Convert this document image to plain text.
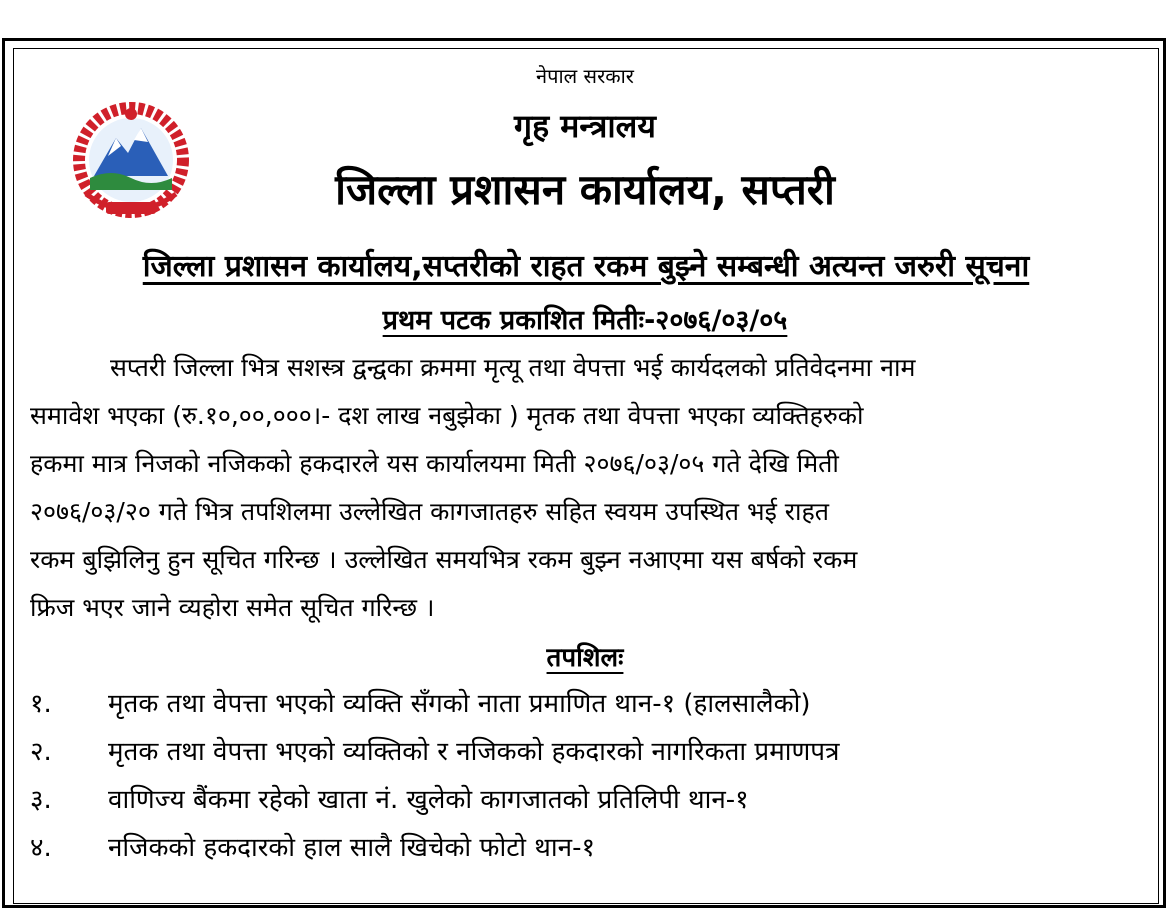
नेपाल सरकार
गृह मन्त्रालय
जिल्ला प्रशासन कार्यालय, सप्तरी
जिल्ला प्रशासन कार्यालय,सप्तरीको राहत रकम बुझ्ने सम्बन्धी अत्यन्त जरुरी सूचना
प्रथम पटक प्रकाशित मितीः-२०७६/०३/०५
सप्तरी जिल्ला भित्र सशस्त्र द्वन्द्वका क्रममा मृत्यू तथा वेपत्ता भई कार्यदलको प्रतिवेदनमा नाम
समावेश भएका (रु.१०,००,०००।- दश लाख नबुझेका ) मृतक तथा वेपत्ता भएका व्यक्तिहरुको
हकमा मात्र निजको नजिकको हकदारले यस कार्यालयमा मिती २०७६/०३/०५ गते देखि मिती
२०७६/०३/२० गते भित्र तपशिलमा उल्लेखित कागजातहरु सहित स्वयम उपस्थित भई राहत
रकम बुझिलिनु हुन सूचित गरिन्छ । उल्लेखित समयभित्र रकम बुझ्न नआएमा यस बर्षको रकम
फ्रिज भएर जाने व्यहोरा समेत सूचित गरिन्छ ।
तपशिलः
१. मृतक तथा वेपत्ता भएको व्यक्ति सँगको नाता प्रमाणित थान-१ (हालसालैको)
२. मृतक तथा वेपत्ता भएको व्यक्तिको र नजिकको हकदारको नागरिकता प्रमाणपत्र
३. वाणिज्य बैंकमा रहेको खाता नं. खुलेको कागजातको प्रतिलिपी थान-१
४. नजिकको हकदारको हाल सालै खिचेको फोटो थान-१
